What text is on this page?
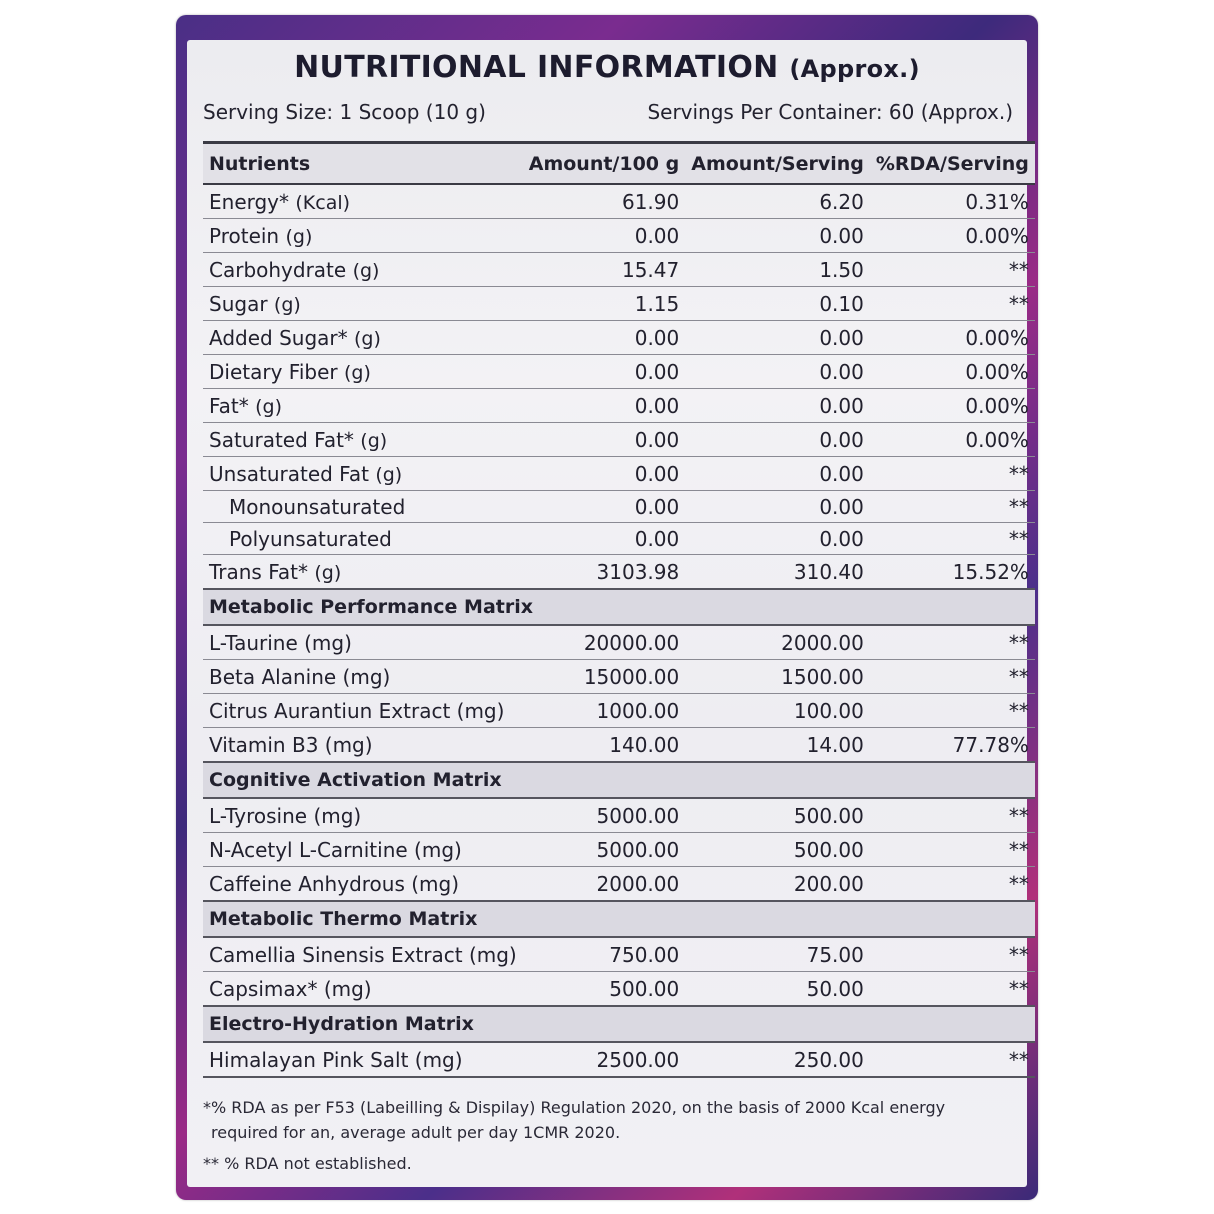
NUTRITIONAL INFORMATION (Approx.)
Serving Size: 1 Scoop (10 g)	Servings Per Container: 60 (Approx.)
Nutrients	Amount/100 g	Amount/Serving	%RDA/Serving
Energy* (Kcal)	61.90	6.20	0.31%
Protein (g)	0.00	0.00	0.00%
Carbohydrate (g)	15.47	1.50	**
Sugar (g)	1.15	0.10	**
Added Sugar* (g)	0.00	0.00	0.00%
Dietary Fiber (g)	0.00	0.00	0.00%
Fat* (g)	0.00	0.00	0.00%
Saturated Fat* (g)	0.00	0.00	0.00%
Unsaturated Fat (g)	0.00	0.00	**
Monounsaturated	0.00	0.00	**
Polyunsaturated	0.00	0.00	**
Trans Fat* (g)	3103.98	310.40	15.52%
Metabolic Performance Matrix			
L-Taurine (mg)	20000.00	2000.00	**
Beta Alanine (mg)	15000.00	1500.00	**
Citrus Aurantiun Extract (mg)	1000.00	100.00	**
Vitamin B3 (mg)	140.00	14.00	77.78%
Cognitive Activation Matrix			
L-Tyrosine (mg)	5000.00	500.00	**
N-Acetyl L-Carnitine (mg)	5000.00	500.00	**
Caffeine Anhydrous (mg)	2000.00	200.00	**
Metabolic Thermo Matrix			
Camellia Sinensis Extract (mg)	750.00	75.00	**
Capsimax* (mg)	500.00	50.00	**
Electro-Hydration Matrix			
Himalayan Pink Salt (mg)	2500.00	250.00	**

*% RDA as per F53 (Labeilling & Dispilay) Regulation 2020, on the basis of 2000 Kcal energy

required for an, average adult per day 1CMR 2020.

** % RDA not established.
